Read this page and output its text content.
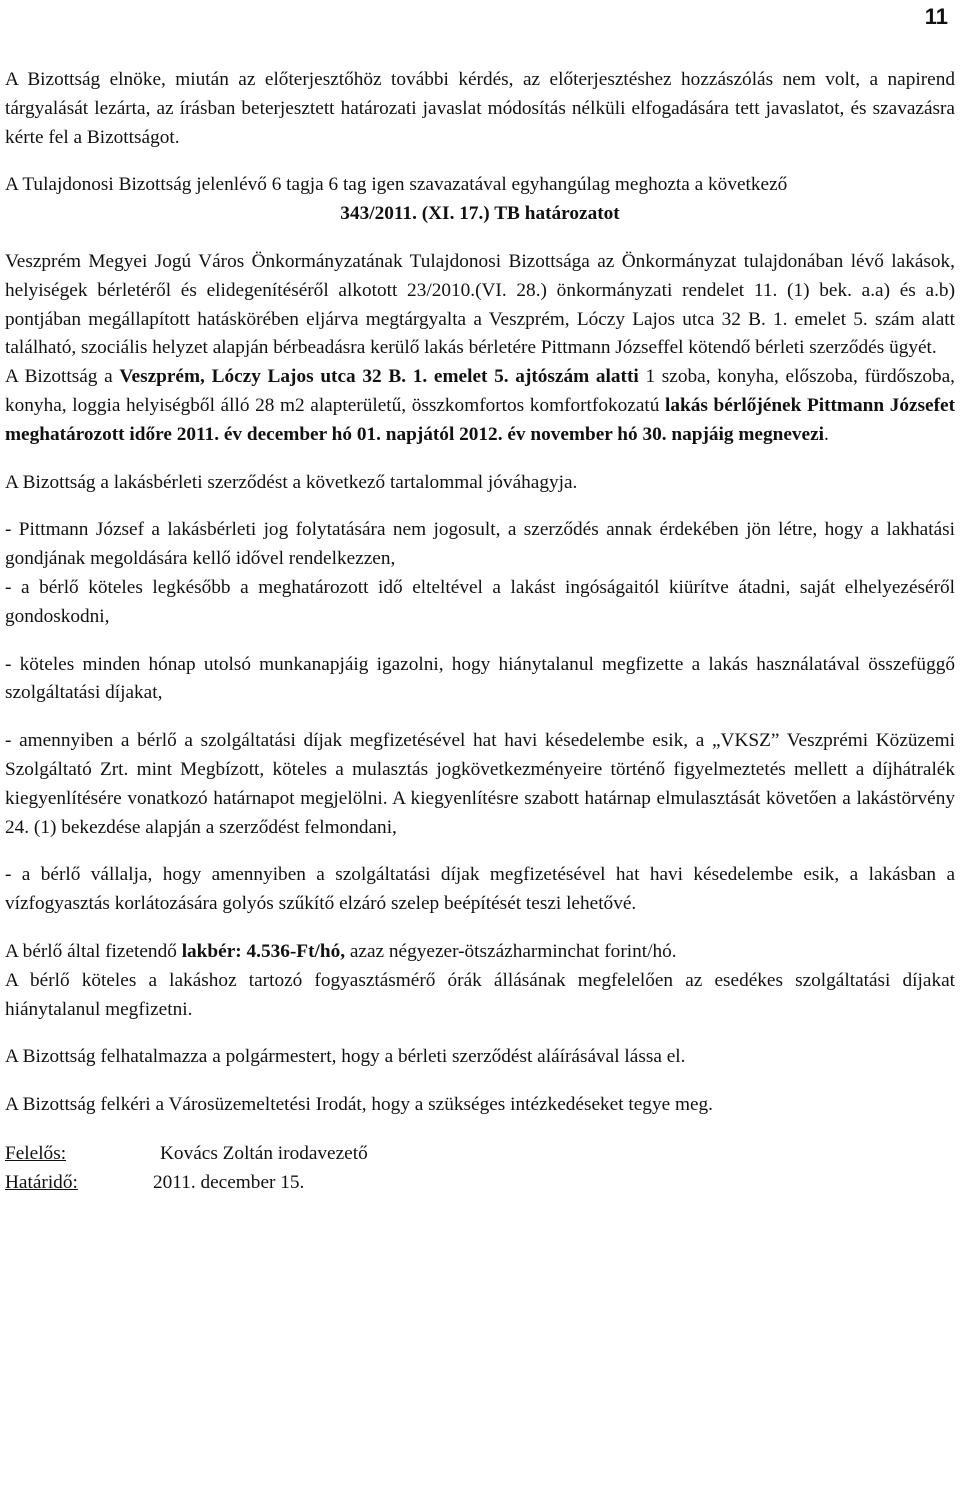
11

A Bizottság elnöke, miután az előterjesztőhöz további kérdés, az előterjesztéshez hozzászólás nem volt, a napirend tárgyalását lezárta, az írásban beterjesztett határozati javaslat módosítás nélküli elfogadására tett javaslatot, és szavazásra kérte fel a Bizottságot.

A Tulajdonosi Bizottság jelenlévő 6 tagja 6 tag igen szavazatával egyhangúlag meghozta a következő

343/2011. (XI. 17.) TB határozatot

Veszprém Megyei Jogú Város Önkormányzatának Tulajdonosi Bizottsága az Önkormányzat tulajdonában lévő lakások, helyiségek bérletéről és elidegenítéséről alkotott 23/2010.(VI. 28.) önkormányzati rendelet 11. (1) bek. a.a) és a.b) pontjában megállapított hatáskörében eljárva megtárgyalta a Veszprém, Lóczy Lajos utca 32 B. 1. emelet 5. szám alatt található, szociális helyzet alapján bérbeadásra kerülő lakás bérletére Pittmann Józseffel kötendő bérleti szerződés ügyét.

A Bizottság a Veszprém, Lóczy Lajos utca 32 B. 1. emelet 5. ajtószám alatti 1 szoba, konyha, előszoba, fürdőszoba, konyha, loggia helyiségből álló 28 m2 alapterületű, összkomfortos komfortfokozatú lakás bérlőjének Pittmann Józsefet meghatározott időre 2011. év december hó 01. napjától 2012. év november hó 30. napjáig megnevezi.

A Bizottság a lakásbérleti szerződést a következő tartalommal jóváhagyja.

- Pittmann József a lakásbérleti jog folytatására nem jogosult, a szerződés annak érdekében jön létre, hogy a lakhatási gondjának megoldására kellő idővel rendelkezzen,

- a bérlő köteles legkésőbb a meghatározott idő elteltével a lakást ingóságaitól kiürítve átadni, saját elhelyezéséről gondoskodni,

- köteles minden hónap utolsó munkanapjáig igazolni, hogy hiánytalanul megfizette a lakás használatával összefüggő szolgáltatási díjakat,

- amennyiben a bérlő a szolgáltatási díjak megfizetésével hat havi késedelembe esik, a „VKSZ” Veszprémi Közüzemi Szolgáltató Zrt. mint Megbízott, köteles a mulasztás jogkövetkezményeire történő figyelmeztetés mellett a díjhátralék kiegyenlítésére vonatkozó határnapot megjelölni. A kiegyenlítésre szabott határnap elmulasztását követően a lakástörvény 24. (1) bekezdése alapján a szerződést felmondani,

- a bérlő vállalja, hogy amennyiben a szolgáltatási díjak megfizetésével hat havi késedelembe esik, a lakásban a vízfogyasztás korlátozására golyós szűkítő elzáró szelep beépítését teszi lehetővé.

A bérlő által fizetendő lakbér: 4.536-Ft/hó, azaz négyezer-ötszázharminchat forint/hó.

A bérlő köteles a lakáshoz tartozó fogyasztásmérő órák állásának megfelelően az esedékes szolgáltatási díjakat hiánytalanul megfizetni.

A Bizottság felhatalmazza a polgármestert, hogy a bérleti szerződést aláírásával lássa el.

A Bizottság felkéri a Városüzemeltetési Irodát, hogy a szükséges intézkedéseket tegye meg.

Felelős:	Kovács Zoltán irodavezető
Határidő:	2011. december 15.
